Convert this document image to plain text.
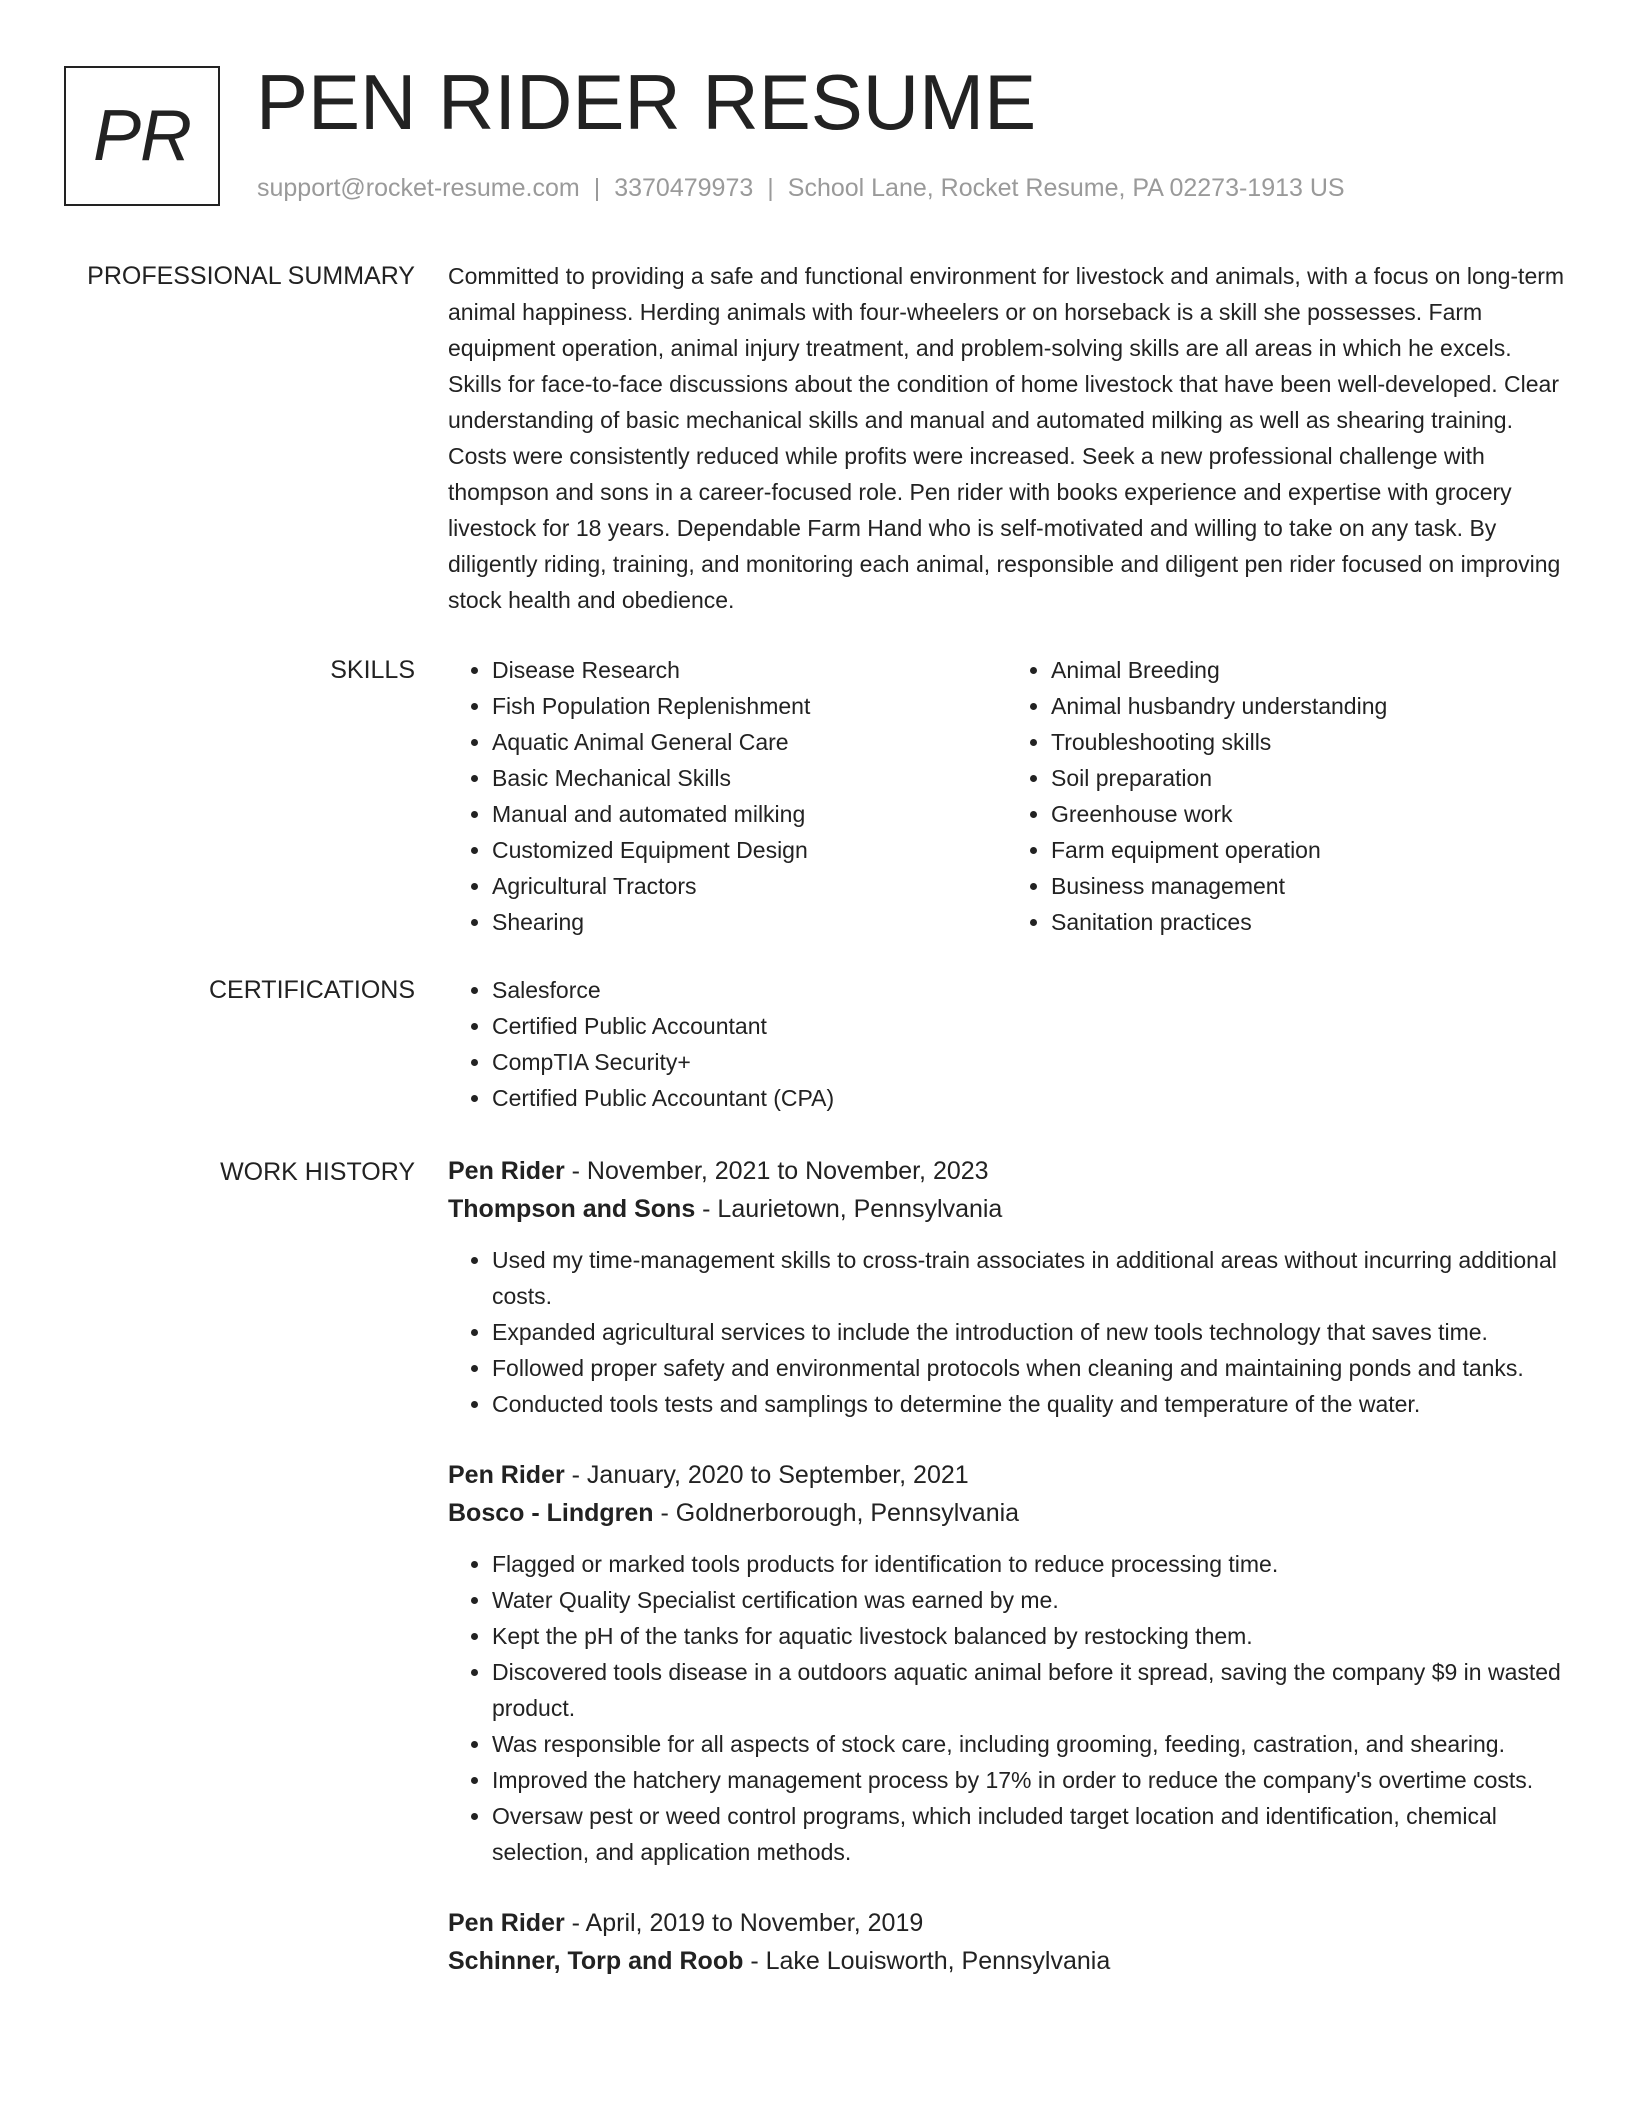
PR PEN RIDER RESUME
support@rocket-resume.com | 3370479973 | School Lane, Rocket Resume, PA 02273-1913 US
PROFESSIONAL SUMMARY Committed to providing a safe and functional environment for livestock and animals, with a focus on long-term animal happiness. Herding animals with four-wheelers or on horseback is a skill she possesses. Farm equipment operation, animal injury treatment, and problem-solving skills are all areas in which he excels. Skills for face-to-face discussions about the condition of home livestock that have been well-developed. Clear understanding of basic mechanical skills and manual and automated milking as well as shearing training. Costs were consistently reduced while profits were increased. Seek a new professional challenge with thompson and sons in a career-focused role. Pen rider with books experience and expertise with grocery livestock for 18 years. Dependable Farm Hand who is self-motivated and willing to take on any task. By diligently riding, training, and monitoring each animal, responsible and diligent pen rider focused on improving stock health and obedience.

SKILLS	• Disease Research
• Fish Population Replenishment
• Aquatic Animal General Care
• Basic Mechanical Skills
• Manual and automated milking
• Customized Equipment Design
• Agricultural Tractors
• Shearing
• Animal Breeding
• Animal husbandry understanding
• Troubleshooting skills
• Soil preparation
• Greenhouse work
• Farm equipment operation
• Business management
• Sanitation practices
CERTIFICATIONS	• Salesforce
• Certified Public Accountant
• CompTIA Security+
• Certified Public Accountant (CPA)
WORK HISTORY Pen Rider - November, 2021 to November, 2023
Thompson and Sons - Laurietown, Pennsylvania
• Used my time-management skills to cross-train associates in additional areas without incurring additional costs.
• Expanded agricultural services to include the introduction of new tools technology that saves time.
• Followed proper safety and environmental protocols when cleaning and maintaining ponds and tanks.
• Conducted tools tests and samplings to determine the quality and temperature of the water.
Pen Rider - January, 2020 to September, 2021
Bosco - Lindgren - Goldnerborough, Pennsylvania
• Flagged or marked tools products for identification to reduce processing time.
• Water Quality Specialist certification was earned by me.
• Kept the pH of the tanks for aquatic livestock balanced by restocking them.
• Discovered tools disease in a outdoors aquatic animal before it spread, saving the company $9 in wasted product.
• Was responsible for all aspects of stock care, including grooming, feeding, castration, and shearing.
• Improved the hatchery management process by 17% in order to reduce the company's overtime costs.
• Oversaw pest or weed control programs, which included target location and identification, chemical selection, and application methods.
Pen Rider - April, 2019 to November, 2019
Schinner, Torp and Roob - Lake Louisworth, Pennsylvania
